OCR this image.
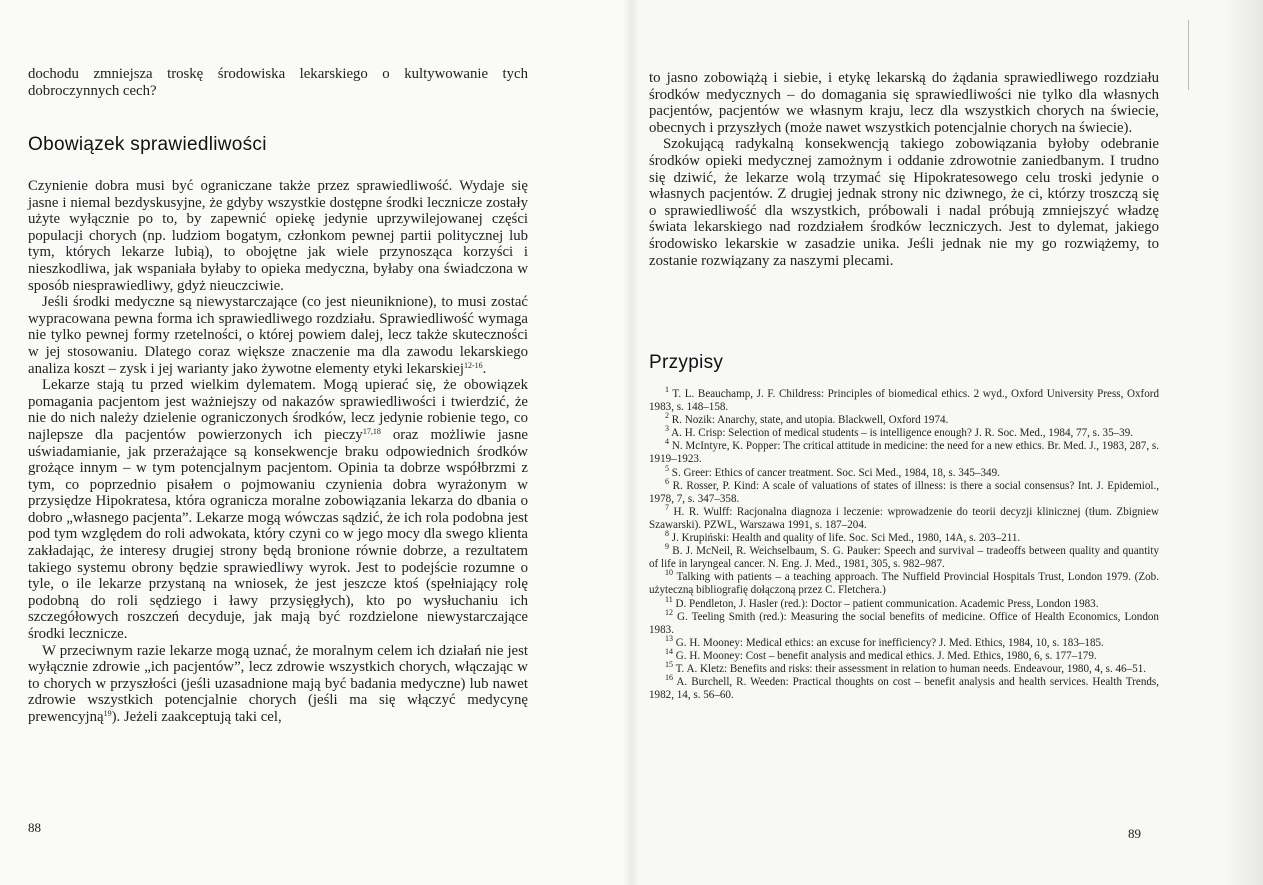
dochodu zmniejsza troskę środowiska lekarskiego o kultywowanie tych dobroczynnych cech?

Obowiązek sprawiedliwości

Czynienie dobra musi być ograniczane także przez sprawiedliwość. Wydaje się jasne i niemal bezdyskusyjne, że gdyby wszystkie dostępne środki lecznicze zostały użyte wyłącznie po to, by zapewnić opiekę jedynie uprzywilejowanej części populacji chorych (np. ludziom bogatym, członkom pewnej partii politycznej lub tym, których lekarze lubią), to obojętne jak wiele przynosząca korzyści i nieszkodliwa, jak wspaniała byłaby to opieka medyczna, byłaby ona świadczona w sposób niesprawiedliwy, gdyż nieuczciwie.

Jeśli środki medyczne są niewystarczające (co jest nieuniknione), to musi zostać wypracowana pewna forma ich sprawiedliwego rozdziału. Sprawiedliwość wymaga nie tylko pewnej formy rzetelności, o której powiem dalej, lecz także skuteczności w jej stosowaniu. Dlatego coraz większe znaczenie ma dla zawodu lekarskiego analiza koszt – zysk i jej warianty jako żywotne elementy etyki lekarskiej$^{12-16}$.

Lekarze stają tu przed wielkim dylematem. Mogą upierać się, że obowiązek pomagania pacjentom jest ważniejszy od nakazów sprawiedliwości i twierdzić, że nie do nich należy dzielenie ograniczonych środków, lecz jedynie robienie tego, co najlepsze dla pacjentów powierzonych ich pieczy$^{17,18}$ oraz możliwie jasne uświadamianie, jak przerażające są konsekwencje braku odpowiednich środków grożące innym – w tym potencjalnym pacjentom. Opinia ta dobrze współbrzmi z tym, co poprzednio pisałem o pojmowaniu czynienia dobra wyrażonym w przysiędze Hipokratesa, która ogranicza moralne zobowiązania lekarza do dbania o dobro „własnego pacjenta”. Lekarze mogą wówczas sądzić, że ich rola podobna jest pod tym względem do roli adwokata, który czyni co w jego mocy dla swego klienta zakładając, że interesy drugiej strony będą bronione równie dobrze, a rezultatem takiego systemu obrony będzie sprawiedliwy wyrok. Jest to podejście rozumne o tyle, o ile lekarze przystaną na wniosek, że jest jeszcze ktoś (spełniający rolę podobną do roli sędziego i ławy przysięgłych), kto po wysłuchaniu ich szczegółowych roszczeń decyduje, jak mają być rozdzielone niewystarczające środki lecznicze.

W przeciwnym razie lekarze mogą uznać, że moralnym celem ich działań nie jest wyłącznie zdrowie „ich pacjentów”, lecz zdrowie wszystkich chorych, włączając w to chorych w przyszłości (jeśli uzasadnione mają być badania medyczne) lub nawet zdrowie wszystkich potencjalnie chorych (jeśli ma się włączyć medycynę prewencyjną$^{19}$). Jeżeli zaakceptują taki cel,

88

to jasno zobowiążą i siebie, i etykę lekarską do żądania sprawiedliwego rozdziału środków medycznych – do domagania się sprawiedliwości nie tylko dla własnych pacjentów, pacjentów we własnym kraju, lecz dla wszystkich chorych na świecie, obecnych i przyszłych (może nawet wszystkich potencjalnie chorych na świecie).

Szokującą radykalną konsekwencją takiego zobowiązania byłoby odebranie środków opieki medycznej zamożnym i oddanie zdrowotnie zaniedbanym. I trudno się dziwić, że lekarze wolą trzymać się Hipokratesowego celu troski jedynie o własnych pacjentów. Z drugiej jednak strony nic dziwnego, że ci, którzy troszczą się o sprawiedliwość dla wszystkich, próbowali i nadal próbują zmniejszyć władzę świata lekarskiego nad rozdziałem środków leczniczych. Jest to dylemat, jakiego środowisko lekarskie w zasadzie unika. Jeśli jednak nie my go rozwiążemy, to zostanie rozwiązany za naszymi plecami.

Przypisy

$^1$ T. L. Beauchamp, J. F. Childress: Principles of biomedical ethics. 2 wyd., Oxford University Press, Oxford 1983, s. 148–158.

$^2$ R. Nozik: Anarchy, state, and utopia. Blackwell, Oxford 1974.

$^3$ A. H. Crisp: Selection of medical students – is intelligence enough? J. R. Soc. Med., 1984, 77, s. 35–39.

$^4$ N. McIntyre, K. Popper: The critical attitude in medicine: the need for a new ethics. Br. Med. J., 1983, 287, s. 1919–1923.

$^5$ S. Greer: Ethics of cancer treatment. Soc. Sci Med., 1984, 18, s. 345–349.

$^6$ R. Rosser, P. Kind: A scale of valuations of states of illness: is there a social consensus? Int. J. Epidemiol., 1978, 7, s. 347–358.

$^7$ H. R. Wulff: Racjonalna diagnoza i leczenie: wprowadzenie do teorii decyzji klinicznej (tłum. Zbigniew Szawarski). PZWL, Warszawa 1991, s. 187–204.

$^8$ J. Krupiński: Health and quality of life. Soc. Sci Med., 1980, 14A, s. 203–211.

$^9$ B. J. McNeil, R. Weichselbaum, S. G. Pauker: Speech and survival – tradeoffs between quality and quantity of life in laryngeal cancer. N. Eng. J. Med., 1981, 305, s. 982–987.

$^{10}$ Talking with patients – a teaching approach. The Nuffield Provincial Hospitals Trust, London 1979. (Zob. użyteczną bibliografię dołączoną przez C. Fletchera.)

$^{11}$ D. Pendleton, J. Hasler (red.): Doctor – patient communication. Academic Press, London 1983.

$^{12}$ G. Teeling Smith (red.): Measuring the social benefits of medicine. Office of Health Economics, London 1983.

$^{13}$ G. H. Mooney: Medical ethics: an excuse for inefficiency? J. Med. Ethics, 1984, 10, s. 183–185.

$^{14}$ G. H. Mooney: Cost – benefit analysis and medical ethics. J. Med. Ethics, 1980, 6, s. 177–179.

$^{15}$ T. A. Kletz: Benefits and risks: their assessment in relation to human needs. Endeavour, 1980, 4, s. 46–51.

$^{16}$ A. Burchell, R. Weeden: Practical thoughts on cost – benefit analysis and health services. Health Trends, 1982, 14, s. 56–60.

89
